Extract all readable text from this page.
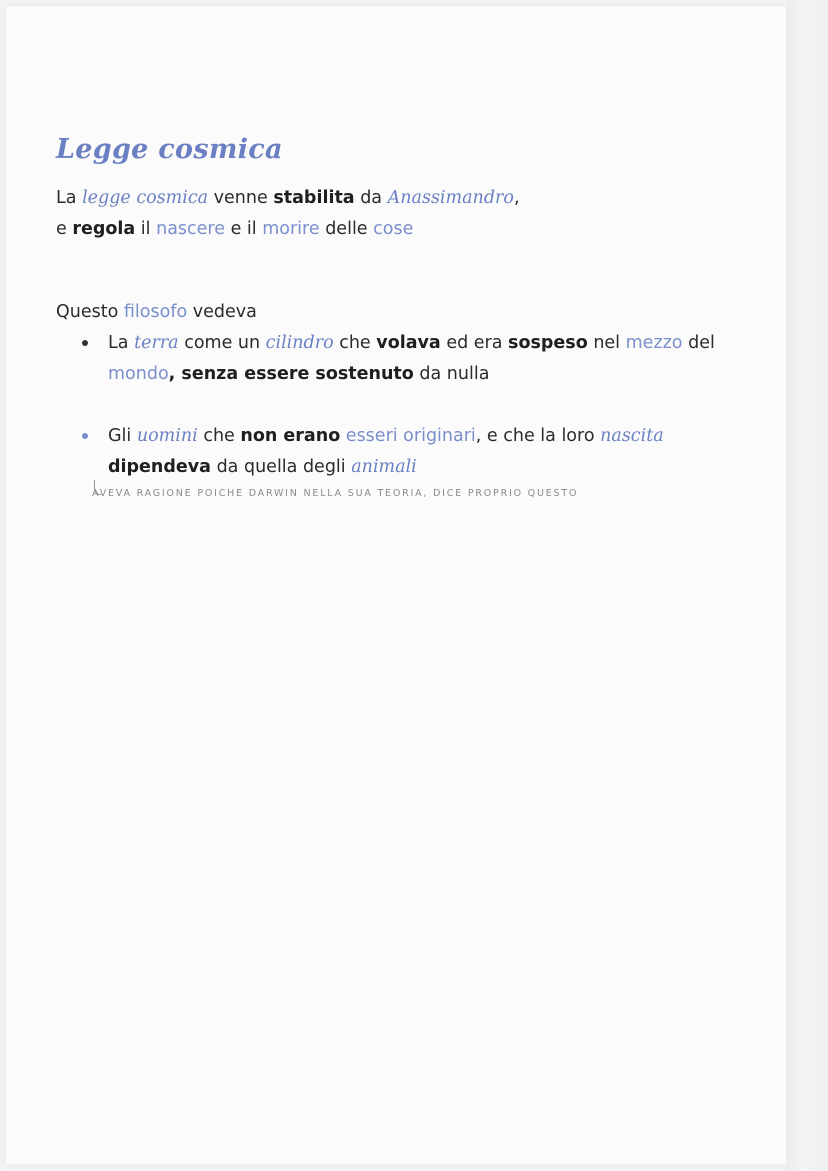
Legge cosmica

La legge cosmica venne stabilita da Anassimandro,
e regola il nascere e il morire delle cose

Questo filosofo vedeva

La terra come un cilindro che volava ed era sospeso nel mezzo del mondo, senza essere sostenuto da nulla
Gli uomini che non erano esseri originari, e che la loro nascita dipendeva da quella degli animali

AVEVA RAGIONE POICHE DARWIN NELLA SUA TEORIA, DICE PROPRIO QUESTO
